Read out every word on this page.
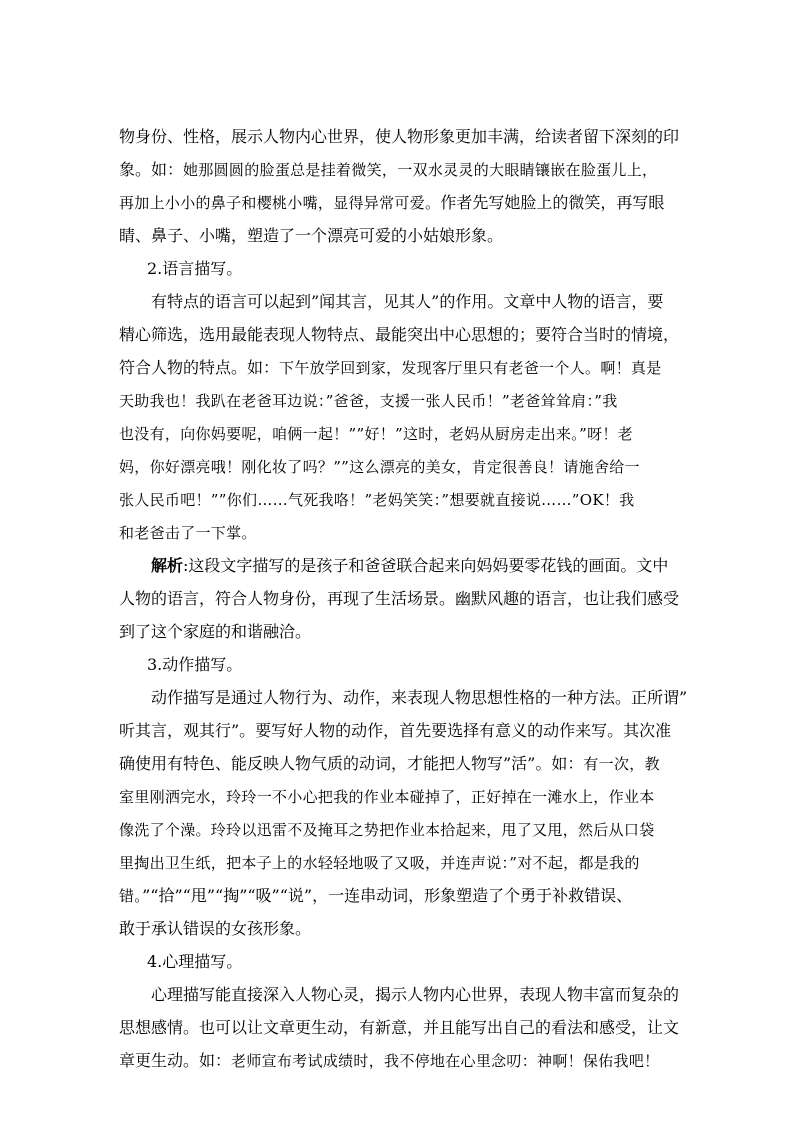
物身份、性格，展示人物内心世界，使人物形象更加丰满，给读者留下深刻的印
象。如：她那圆圆的脸蛋总是挂着微笑，一双水灵灵的大眼睛镶嵌在脸蛋儿上，
再加上小小的鼻子和樱桃小嘴，显得异常可爱。作者先写她脸上的微笑，再写眼
睛、鼻子、小嘴，塑造了一个漂亮可爱的小姑娘形象。
2.语言描写。
有特点的语言可以起到”闻其言，见其人”的作用。文章中人物的语言，要
精心筛选，选用最能表现人物特点、最能突出中心思想的；要符合当时的情境，
符合人物的特点。如：下午放学回到家，发现客厅里只有老爸一个人。啊！真是
天助我也！我趴在老爸耳边说：”爸爸，支援一张人民币！”老爸耸耸肩：”我
也没有，向你妈要呢，咱俩一起！””好！”这时，老妈从厨房走出来。”呀！老
妈，你好漂亮哦！刚化妆了吗？””这么漂亮的美女，肯定很善良！请施舍给一
张人民币吧！””你们……气死我咯！”老妈笑笑：”想要就直接说……”OK！我
和老爸击了一下掌。
解析:这段文字描写的是孩子和爸爸联合起来向妈妈要零花钱的画面。文中
人物的语言，符合人物身份，再现了生活场景。幽默风趣的语言，也让我们感受
到了这个家庭的和谐融洽。
3.动作描写。
动作描写是通过人物行为、动作，来表现人物思想性格的一种方法。正所谓”
听其言，观其行”。要写好人物的动作，首先要选择有意义的动作来写。其次准
确使用有特色、能反映人物气质的动词，才能把人物写”活”。如：有一次，教
室里刚洒完水，玲玲一不小心把我的作业本碰掉了，正好掉在一滩水上，作业本
像洗了个澡。玲玲以迅雷不及掩耳之势把作业本拾起来，甩了又甩，然后从口袋
里掏出卫生纸，把本子上的水轻轻地吸了又吸，并连声说：”对不起，都是我的
错。”“拾”“甩”“掏”“吸”“说”，一连串动词，形象塑造了个勇于补救错误、
敢于承认错误的女孩形象。
4.心理描写。
心理描写能直接深入人物心灵，揭示人物内心世界，表现人物丰富而复杂的
思想感情。也可以让文章更生动，有新意，并且能写出自己的看法和感受，让文
章更生动。如：老师宣布考试成绩时，我不停地在心里念叨：神啊！保佑我吧！
